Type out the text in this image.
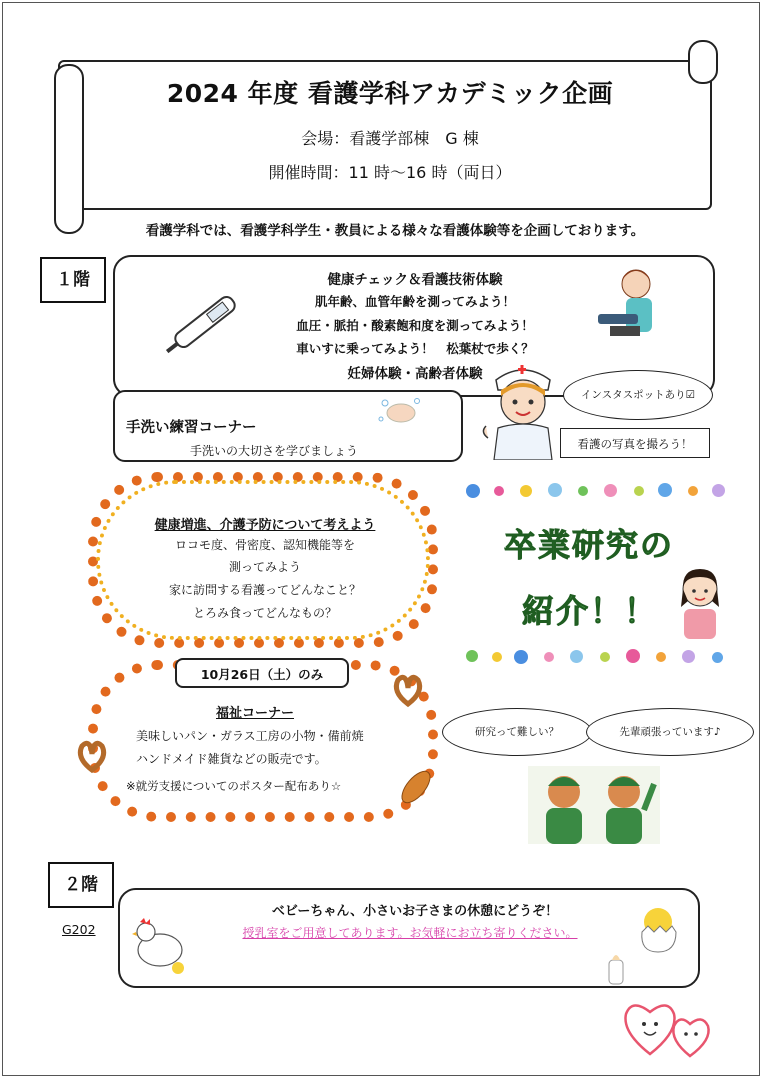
2024 年度 看護学科アカデミック企画
会場：看護学部棟　G 棟
開催時間：11 時～16 時（両日）
看護学科では、看護学科学生・教員による様々な看護体験等を企画しております。
１階	健康チェック＆看護技術体験
肌年齢、血管年齢を測ってみよう！
血圧・脈拍・酸素飽和度を測ってみよう！
車いすに乗ってみよう！　松葉杖で歩く？
妊婦体験・高齢者体験
インスタスポットあり☑
看護の写真を撮ろう！
手洗い練習コーナー
手洗いの大切さを学びましょう
健康増進、介護予防について考えよう
ロコモ度、骨密度、認知機能等を
測ってみよう
家に訪問する看護ってどんなこと？
とろみ食ってどんなもの？
卒業研究の
紹介！！
10月26日（土）のみ
福祉コーナー
美味しいパン・ガラス工房の小物・備前焼
ハンドメイド雑貨などの販売です。
※就労支援についてのポスター配布あり☆
研究って難しい？	先輩頑張っています♪
２階
G202
ベビーちゃん、小さいお子さまの休憩にどうぞ！
授乳室をご用意してあります。お気軽にお立ち寄りください。
